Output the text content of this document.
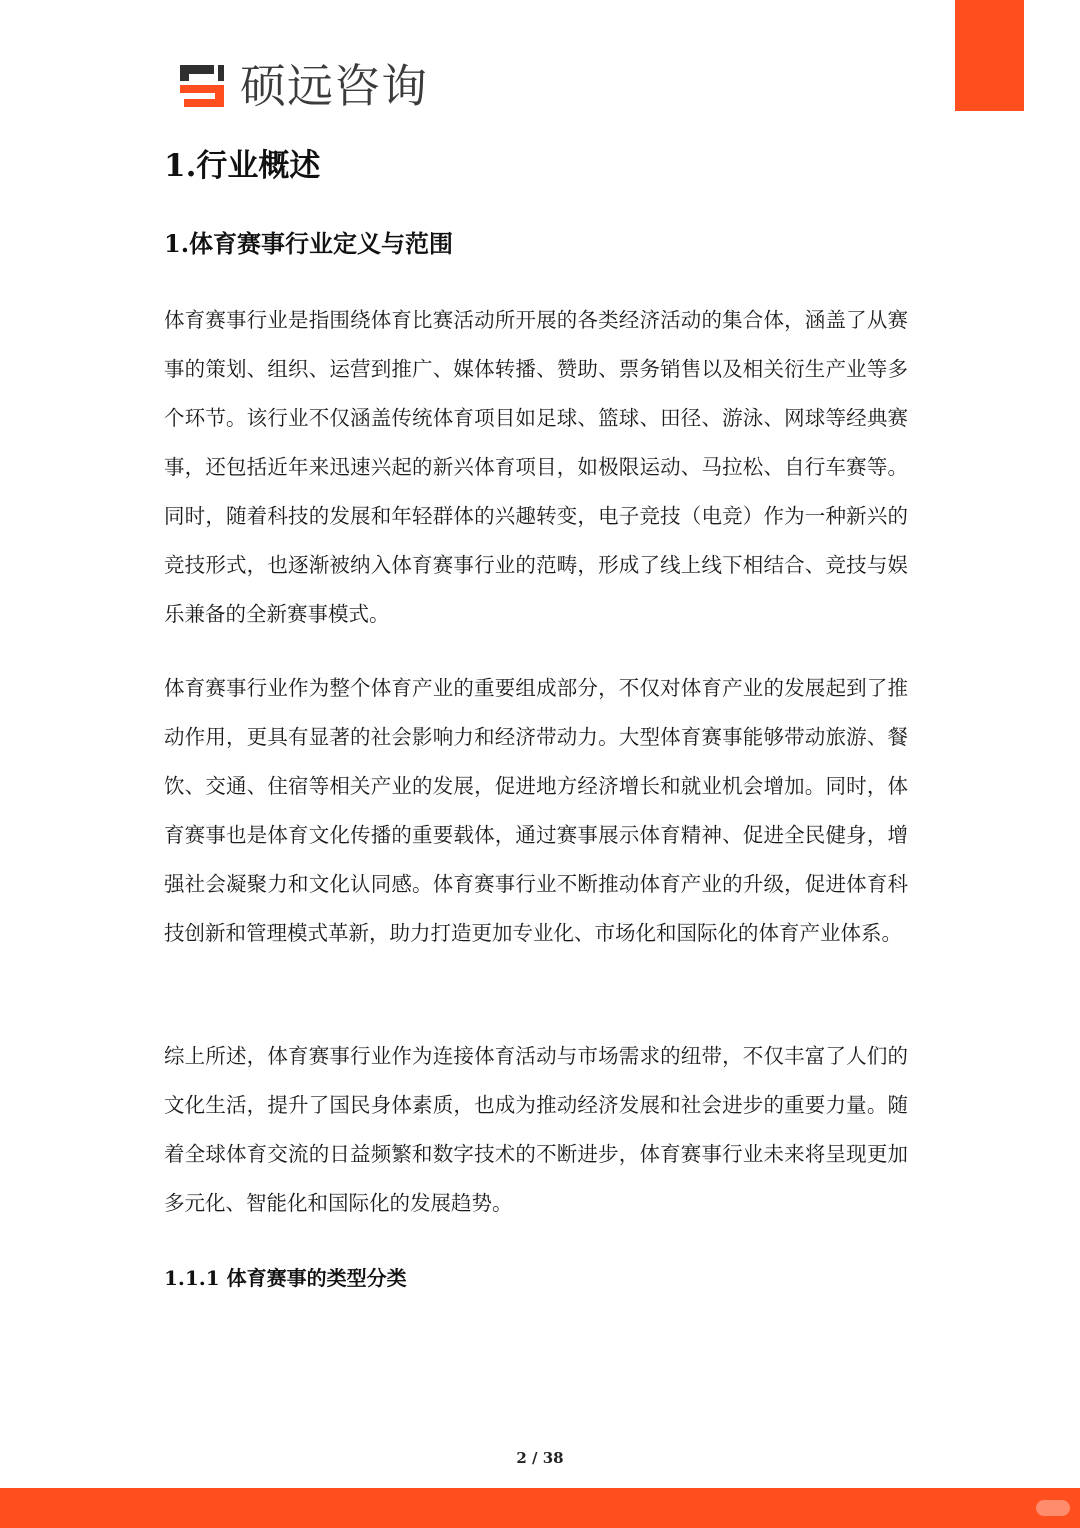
硕远咨询
1.行业概述
1.体育赛事行业定义与范围

体育赛事行业是指围绕体育比赛活动所开展的各类经济活动的集合体，涵盖了从赛事的策划、组织、运营到推广、媒体转播、赞助、票务销售以及相关衍生产业等多个环节。该行业不仅涵盖传统体育项目如足球、篮球、田径、游泳、网球等经典赛事，还包括近年来迅速兴起的新兴体育项目，如极限运动、马拉松、自行车赛等。同时，随着科技的发展和年轻群体的兴趣转变，电子竞技（电竞）作为一种新兴的竞技形式，也逐渐被纳入体育赛事行业的范畴，形成了线上线下相结合、竞技与娱乐兼备的全新赛事模式。

体育赛事行业作为整个体育产业的重要组成部分，不仅对体育产业的发展起到了推动作用，更具有显著的社会影响力和经济带动力。大型体育赛事能够带动旅游、餐饮、交通、住宿等相关产业的发展，促进地方经济增长和就业机会增加。同时，体育赛事也是体育文化传播的重要载体，通过赛事展示体育精神、促进全民健身，增强社会凝聚力和文化认同感。体育赛事行业不断推动体育产业的升级，促进体育科技创新和管理模式革新，助力打造更加专业化、市场化和国际化的体育产业体系。

综上所述，体育赛事行业作为连接体育活动与市场需求的纽带，不仅丰富了人们的文化生活，提升了国民身体素质，也成为推动经济发展和社会进步的重要力量。随着全球体育交流的日益频繁和数字技术的不断进步，体育赛事行业未来将呈现更加多元化、智能化和国际化的发展趋势。

1.1.1 体育赛事的类型分类
2 / 38
